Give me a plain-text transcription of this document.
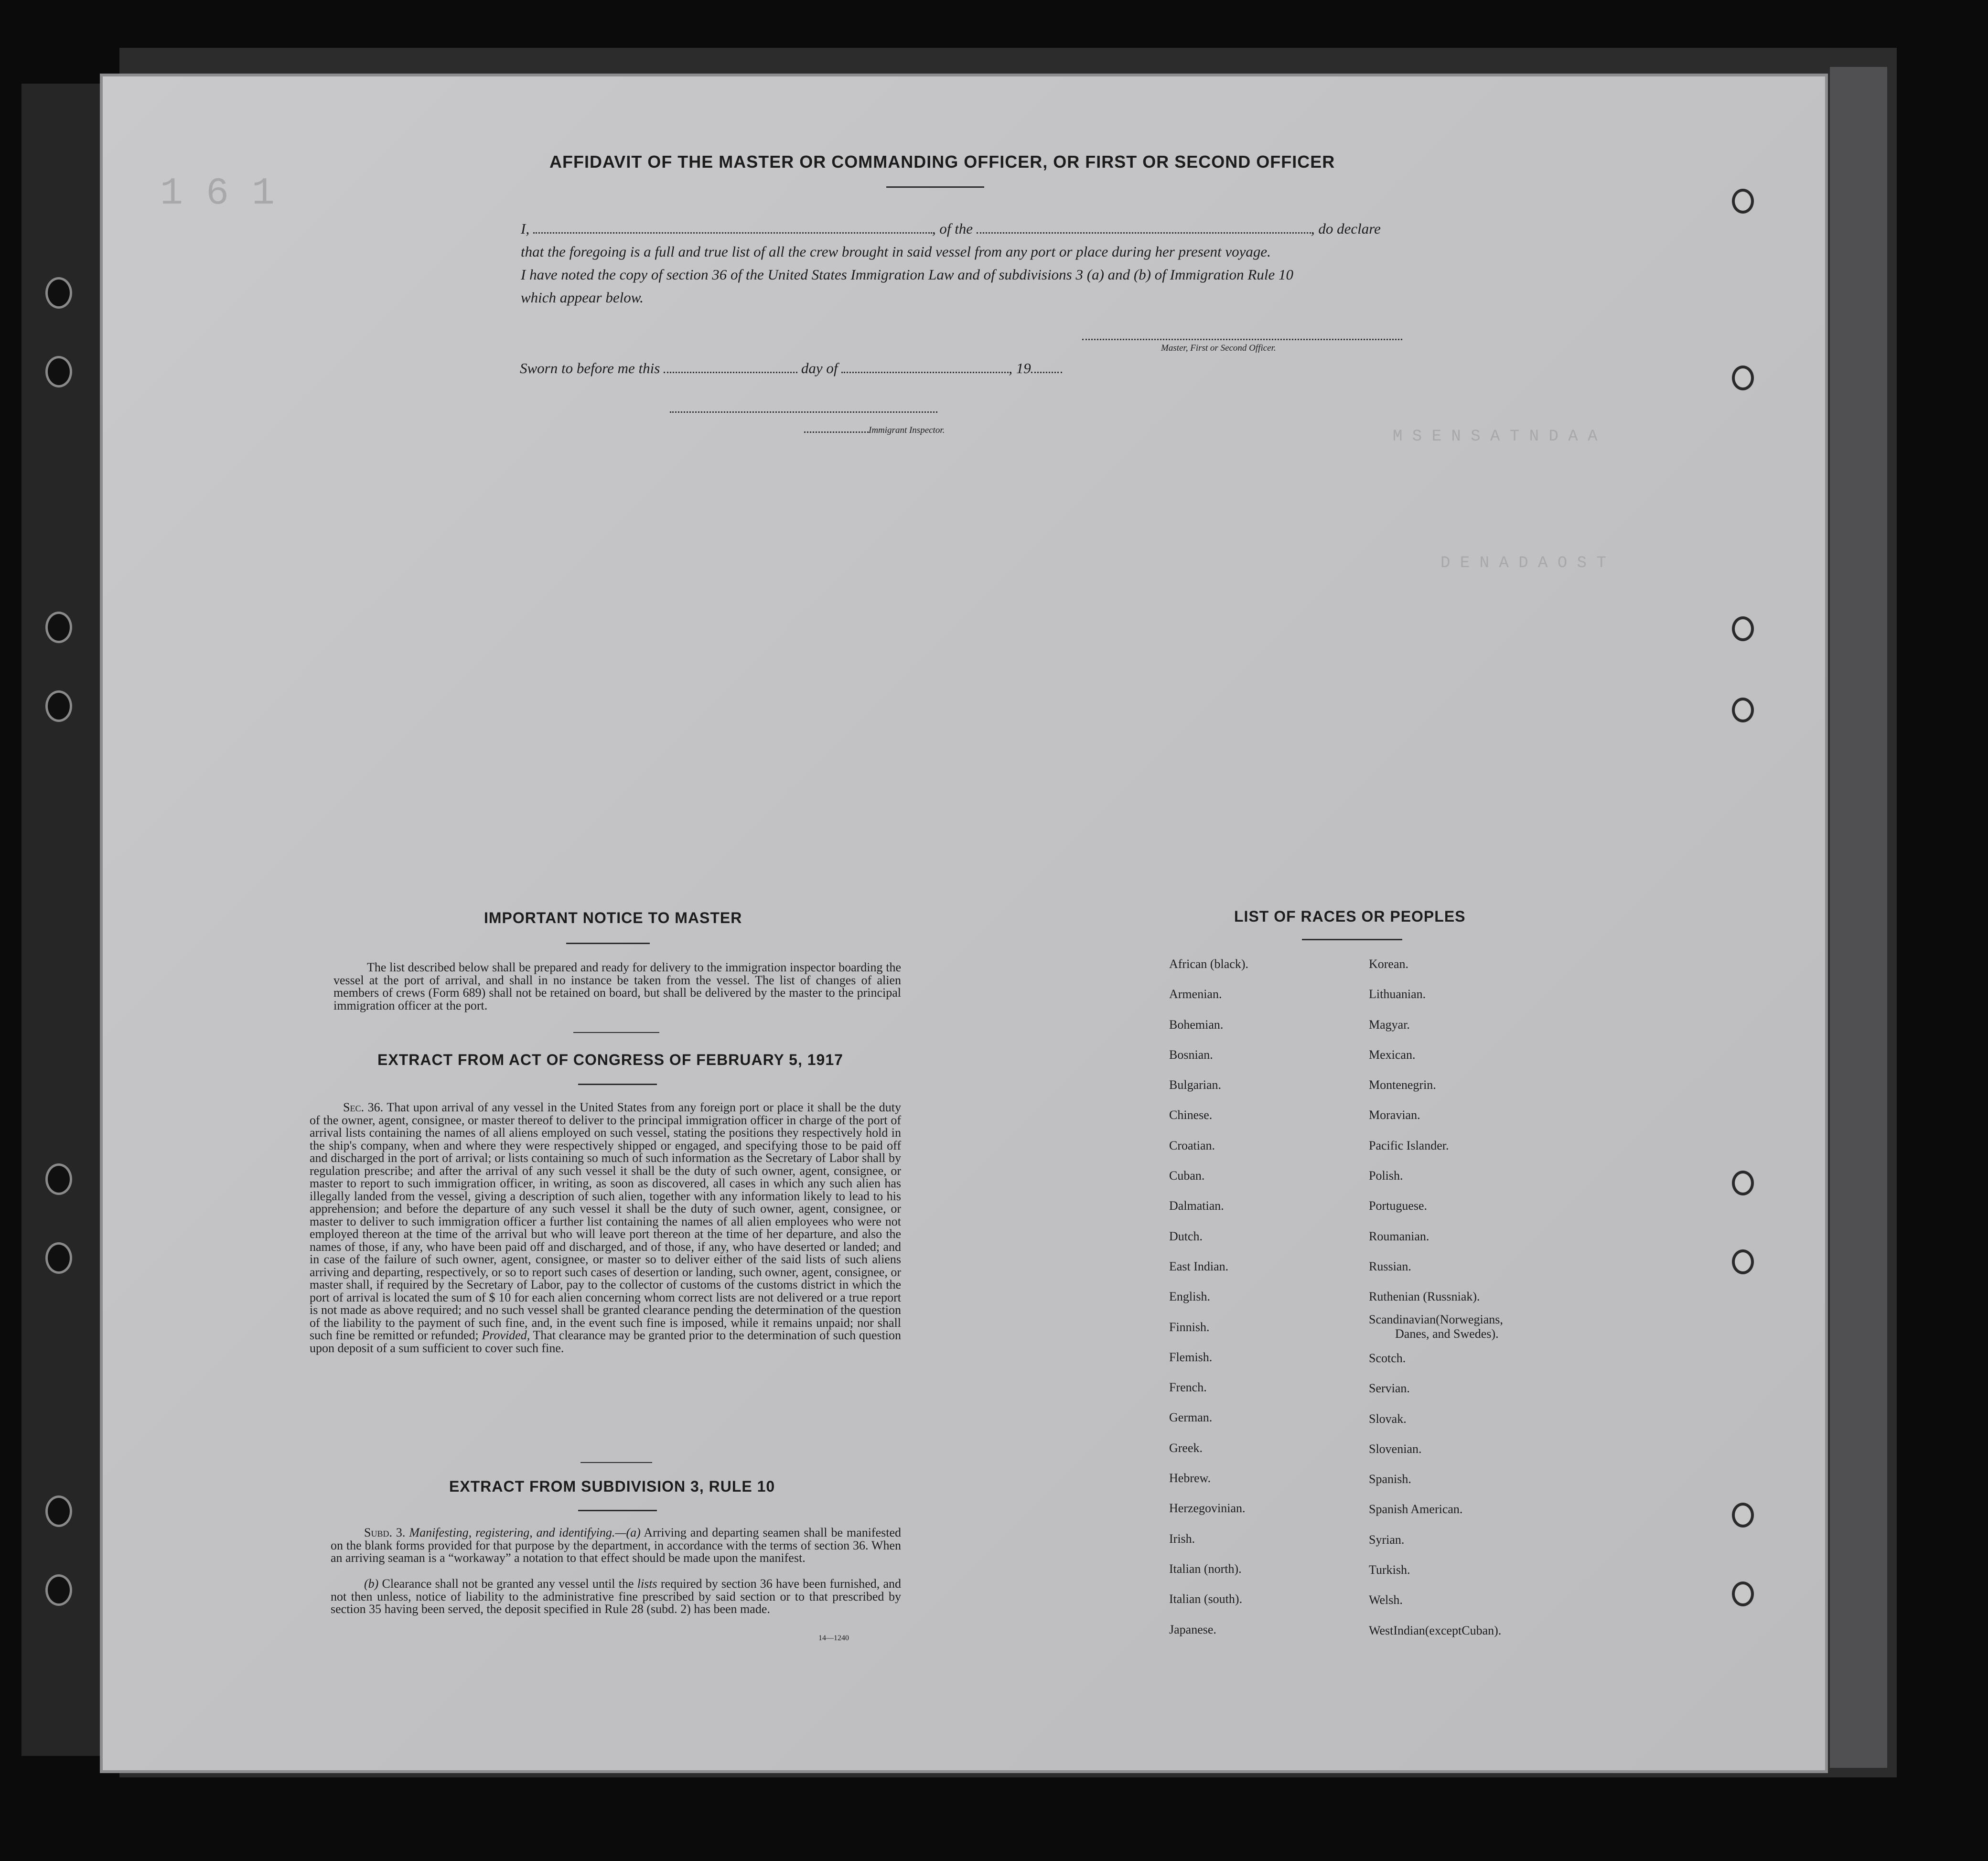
1 6 1
M S E N S A T N D A A
D E N A D A O S T
AFFIDAVIT OF THE MASTER OR COMMANDING OFFICER, OR FIRST OR SECOND OFFICER
I,	, of the	, do declare
that the foregoing is a full and true list of all the crew brought in said vessel from any port or place during her present voyage.
I have noted the copy of section 36 of the United States Immigration Law and of subdivisions 3 (a) and (b) of Immigration Rule 10
which appear below.
Master, First or Second Officer.
Sworn to before me this	day of	, 19
Immigrant Inspector.
IMPORTANT NOTICE TO MASTER
The list described below shall be prepared and ready for delivery to the immigration inspector boarding the vessel at the port of arrival, and shall in no instance be taken from the vessel. The list of changes of alien members of crews (Form 689) shall not be retained on board, but shall be delivered by the master to the principal immigration officer at the port.
EXTRACT FROM ACT OF CONGRESS OF FEBRUARY 5, 1917
Sec. 36. That upon arrival of any vessel in the United States from any foreign port or place it shall be the duty of the owner, agent, consignee, or master thereof to deliver to the principal immigration officer in charge of the port of arrival lists containing the names of all aliens employed on such vessel, stating the positions they respectively hold in the ship's company, when and where they were respectively shipped or engaged, and specifying those to be paid off and discharged in the port of arrival; or lists containing so much of such information as the Secretary of Labor shall by regulation prescribe; and after the arrival of any such vessel it shall be the duty of such owner, agent, consignee, or master to report to such immigration officer, in writing, as soon as discovered, all cases in which any such alien has illegally landed from the vessel, giving a description of such alien, together with any information likely to lead to his apprehension; and before the departure of any such vessel it shall be the duty of such owner, agent, consignee, or master to deliver to such immigration officer a further list containing the names of all alien employees who were not employed thereon at the time of the arrival but who will leave port thereon at the time of her departure, and also the names of those, if any, who have been paid off and discharged, and of those, if any, who have deserted or landed; and in case of the failure of such owner, agent, consignee, or master so to deliver either of the said lists of such aliens arriving and departing, respectively, or so to report such cases of desertion or landing, such owner, agent, consignee, or master shall, if required by the Secretary of Labor, pay to the collector of customs of the customs district in which the port of arrival is located the sum of $ 10 for each alien concerning whom correct lists are not delivered or a true report is not made as above required; and no such vessel shall be granted clearance pending the determination of the question of the liability to the payment of such fine, and, in the event such fine is imposed, while it remains unpaid; nor shall such fine be remitted or refunded; Provided, That clearance may be granted prior to the determination of such question upon deposit of a sum sufficient to cover such fine.
EXTRACT FROM SUBDIVISION 3, RULE 10
Subd. 3. Manifesting, registering, and identifying.—(a) Arriving and departing seamen shall be manifested on the blank forms provided for that purpose by the department, in accordance with the terms of section 36. When an arriving seaman is a “workaway” a notation to that effect should be made upon the manifest.
(b) Clearance shall not be granted any vessel until the lists required by section 36 have been furnished, and not then unless, notice of liability to the administrative fine prescribed by said section or to that prescribed by section 35 having been served, the deposit specified in Rule 28 (subd. 2) has been made.
14—1240
LIST OF RACES OR PEOPLES
African (black).
Armenian.
Bohemian.
Bosnian.
Bulgarian.
Chinese.
Croatian.
Cuban.
Dalmatian.
Dutch.
East Indian.
English.
Finnish.
Flemish.
French.
German.
Greek.
Hebrew.
Herzegovinian.
Irish.
Italian (north).
Italian (south).
Japanese.
Korean.
Lithuanian.
Magyar.
Mexican.
Montenegrin.
Moravian.
Pacific Islander.
Polish.
Portuguese.
Roumanian.
Russian.
Ruthenian (Russniak).
Scandinavian(Norwegians,
Danes, and Swedes).
Scotch.
Servian.
Slovak.
Slovenian.
Spanish.
Spanish American.
Syrian.
Turkish.
Welsh.
WestIndian(exceptCuban).
